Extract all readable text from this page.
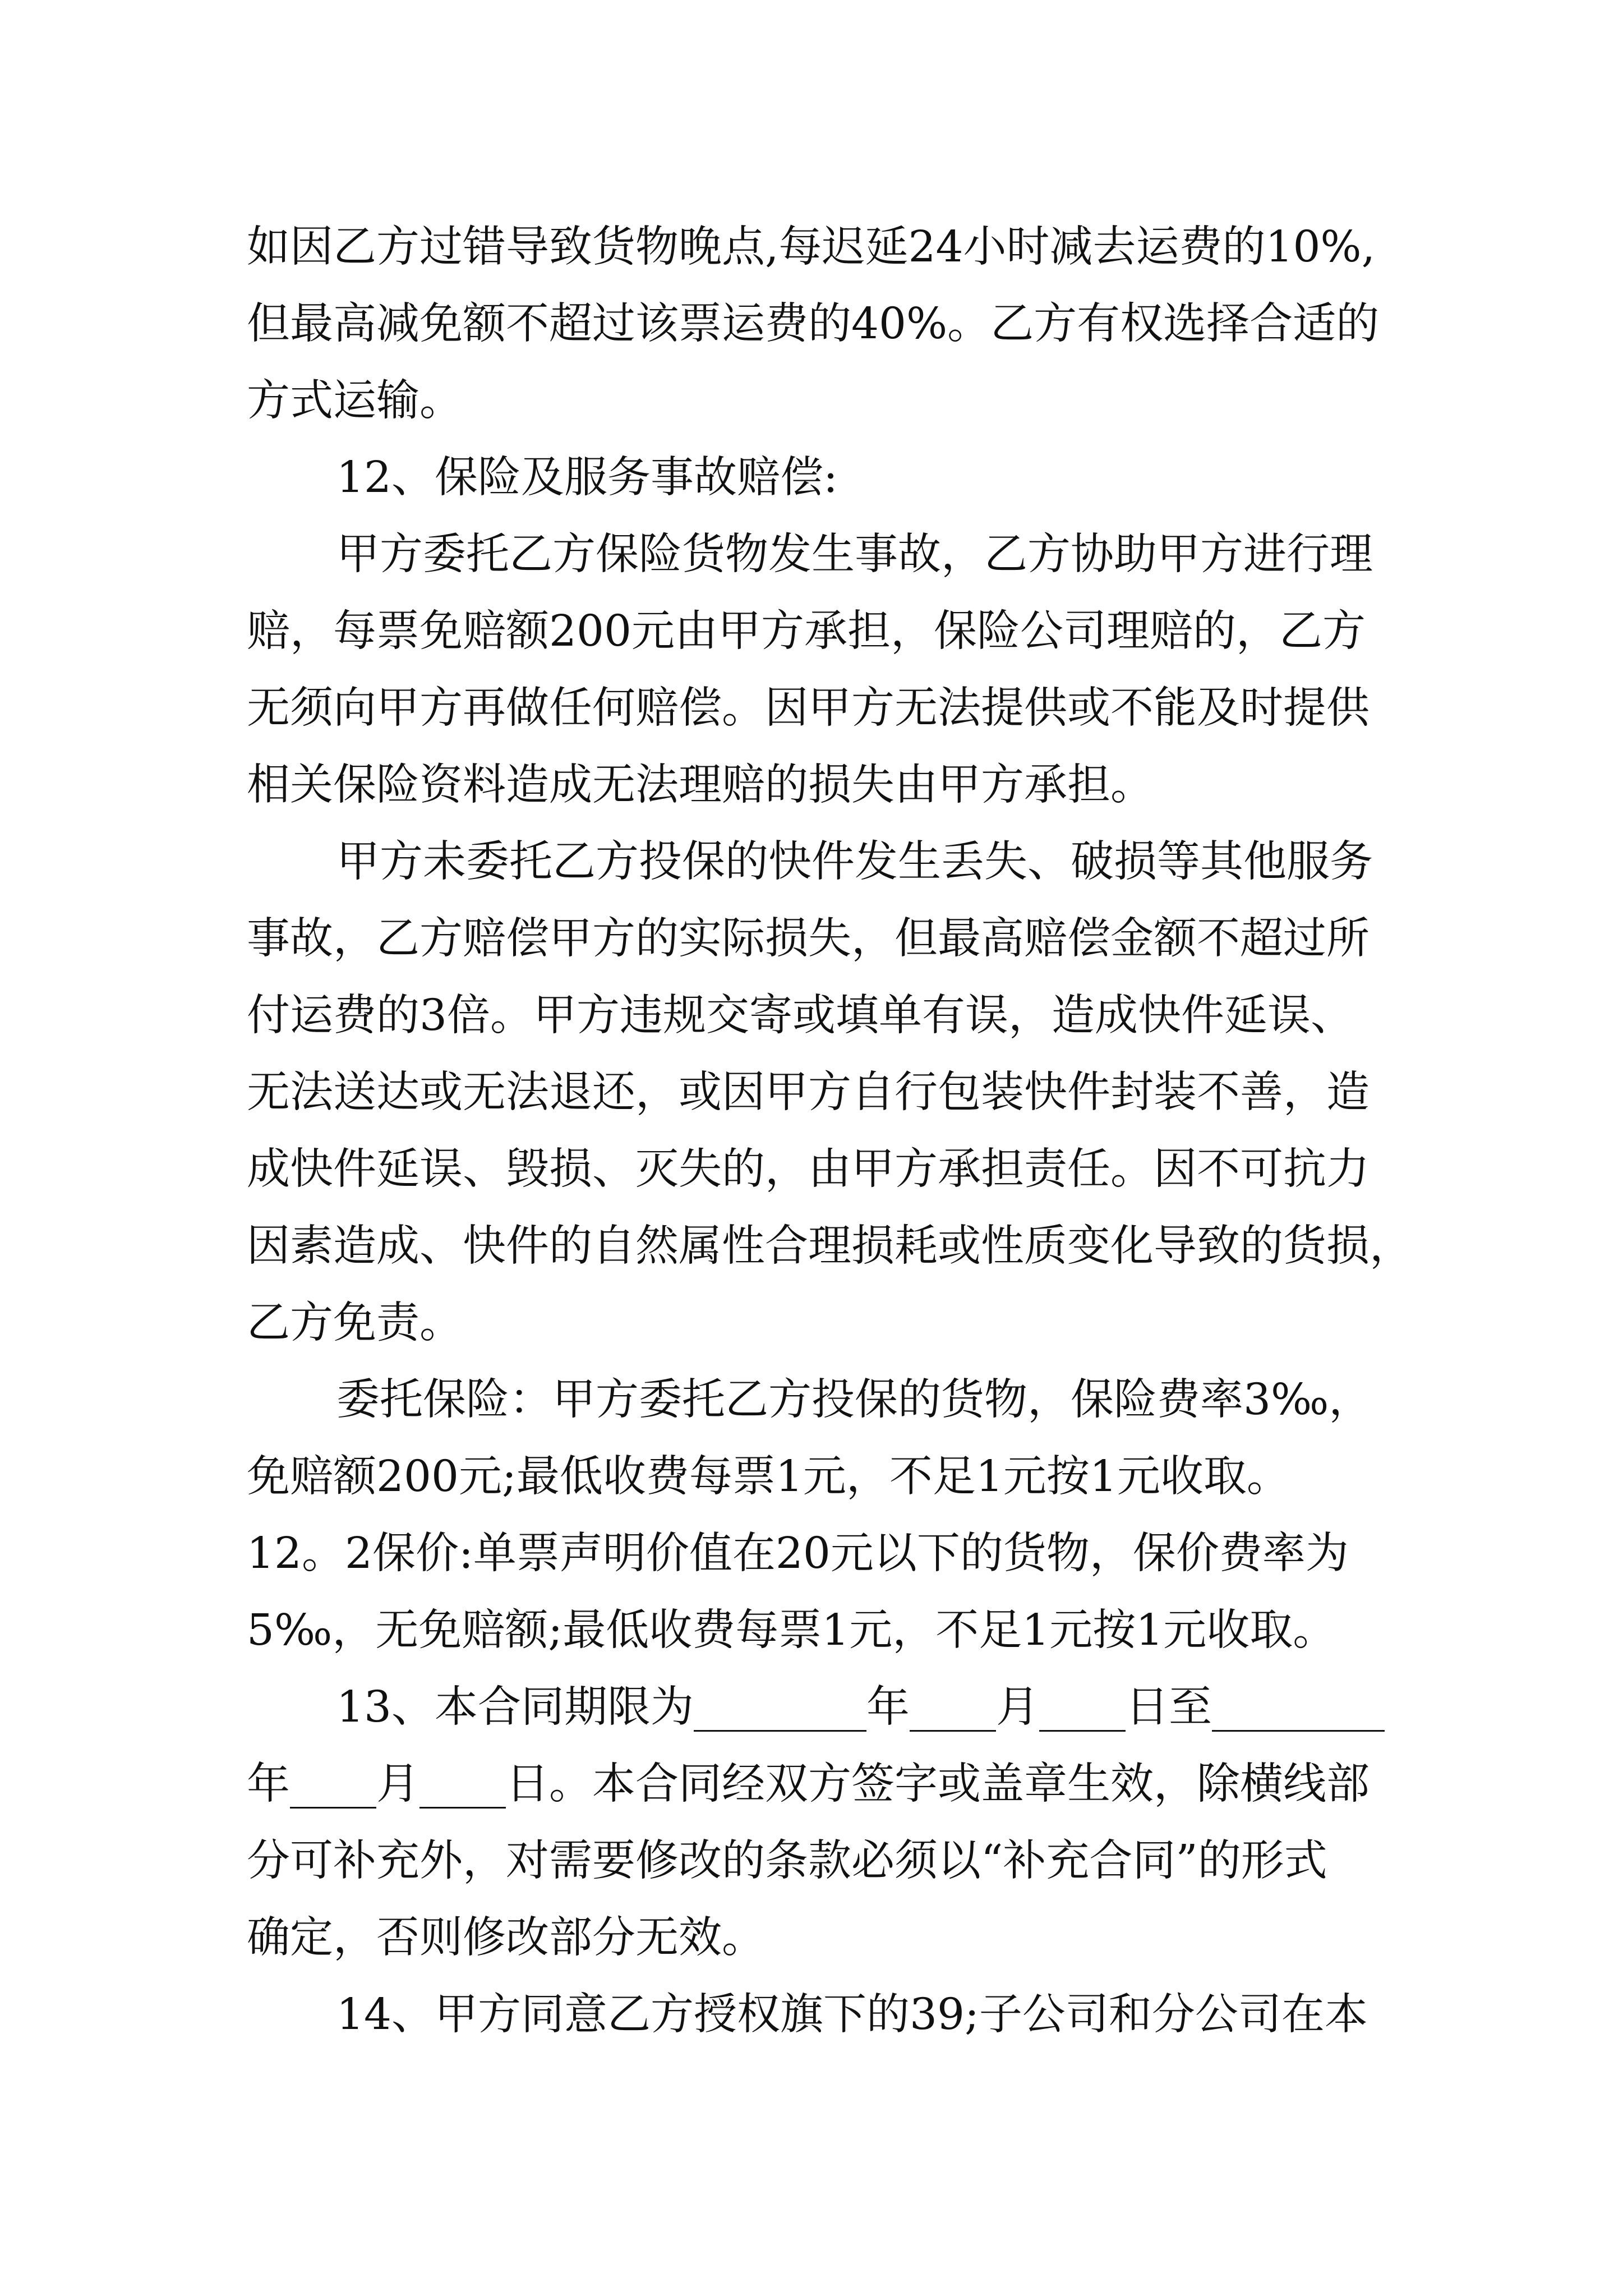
如因乙方过错导致货物晚点,每迟延24小时减去运费的10%,
但最高减免额不超过该票运费的40%。乙方有权选择合适的
方式运输。
12、保险及服务事故赔偿:
甲方委托乙方保险货物发生事故，乙方协助甲方进行理
赔，每票免赔额200元由甲方承担，保险公司理赔的，乙方
无须向甲方再做任何赔偿。因甲方无法提供或不能及时提供
相关保险资料造成无法理赔的损失由甲方承担。
甲方未委托乙方投保的快件发生丢失、破损等其他服务
事故，乙方赔偿甲方的实际损失，但最高赔偿金额不超过所
付运费的3倍。甲方违规交寄或填单有误，造成快件延误、
无法送达或无法退还，或因甲方自行包装快件封装不善，造
成快件延误、毁损、灭失的，由甲方承担责任。因不可抗力
因素造成、快件的自然属性合理损耗或性质变化导致的货损，
乙方免责。
委托保险：甲方委托乙方投保的货物，保险费率3‰，
免赔额200元;最低收费每票1元，不足1元按1元收取。
12。2保价:单票声明价值在20元以下的货物，保价费率为
5‰，无免赔额;最低收费每票1元，不足1元按1元收取。
13、本合同期限为________年____月____日至________
年____月____日。本合同经双方签字或盖章生效，除横线部
分可补充外，对需要修改的条款必须以“补充合同”的形式
确定，否则修改部分无效。
14、甲方同意乙方授权旗下的39;子公司和分公司在本
